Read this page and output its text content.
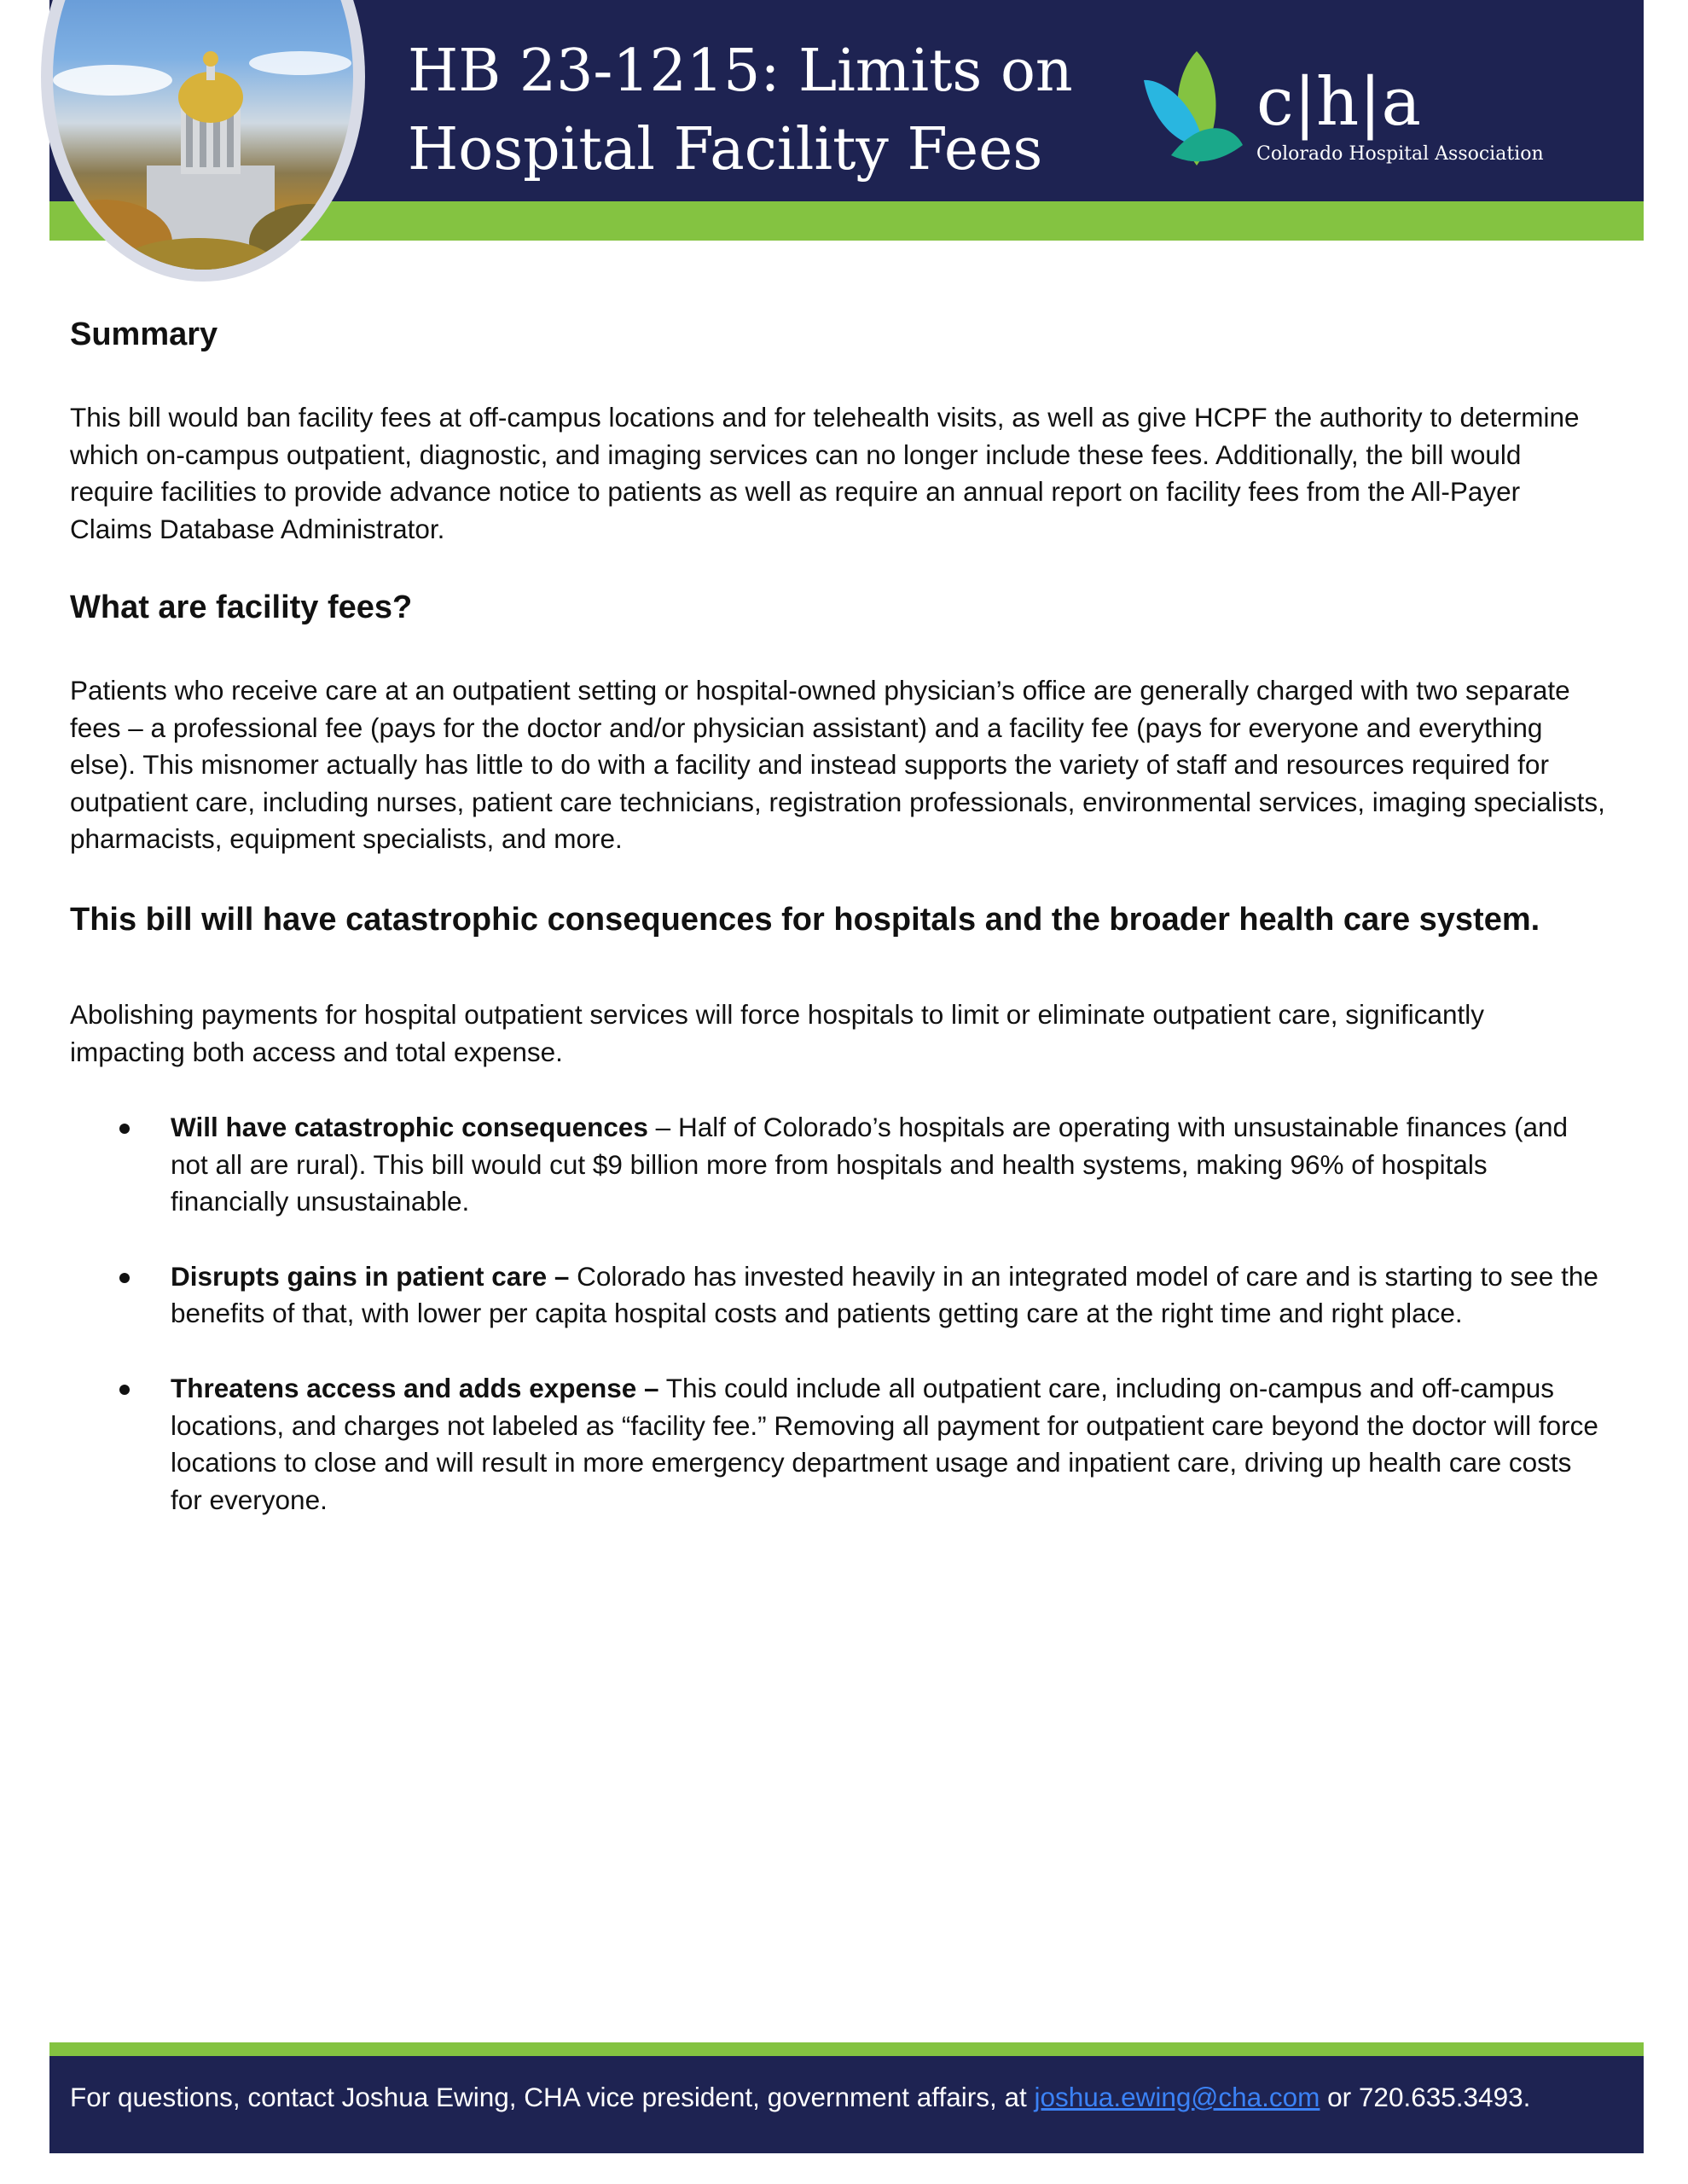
HB 23-1215: Limits on
Hospital Facility Fees
c|h|a
Colorado Hospital Association
Summary

This bill would ban facility fees at off-campus locations and for telehealth visits, as well as give HCPF the authority to determine which on-campus outpatient, diagnostic, and imaging services can no longer include these fees. Additionally, the bill would require facilities to provide advance notice to patients as well as require an annual report on facility fees from the All-Payer Claims Database Administrator.

What are facility fees?

Patients who receive care at an outpatient setting or hospital-owned physician’s office are generally charged with two separate fees – a professional fee (pays for the doctor and/or physician assistant) and a facility fee (pays for everyone and everything else). This misnomer actually has little to do with a facility and instead supports the variety of staff and resources required for outpatient care, including nurses, patient care technicians, registration professionals, environmental services, imaging specialists, pharmacists, equipment specialists, and more.

This bill will have catastrophic consequences for hospitals and the broader health care system.

Abolishing payments for hospital outpatient services will force hospitals to limit or eliminate outpatient care, significantly impacting both access and total expense.

Will have catastrophic consequences – Half of Colorado’s hospitals are operating with unsustainable finances (and not all are rural). This bill would cut $9 billion more from hospitals and health systems, making 96% of hospitals financially unsustainable.
Disrupts gains in patient care – Colorado has invested heavily in an integrated model of care and is starting to see the benefits of that, with lower per capita hospital costs and patients getting care at the right time and right place.
Threatens access and adds expense – This could include all outpatient care, including on-campus and off-campus locations, and charges not labeled as “facility fee.” Removing all payment for outpatient care beyond the doctor will force locations to close and will result in more emergency department usage and inpatient care, driving up health care costs for everyone.
For questions, contact Joshua Ewing, CHA vice president, government affairs, at joshua.ewing@cha.com or 720.635.3493.
